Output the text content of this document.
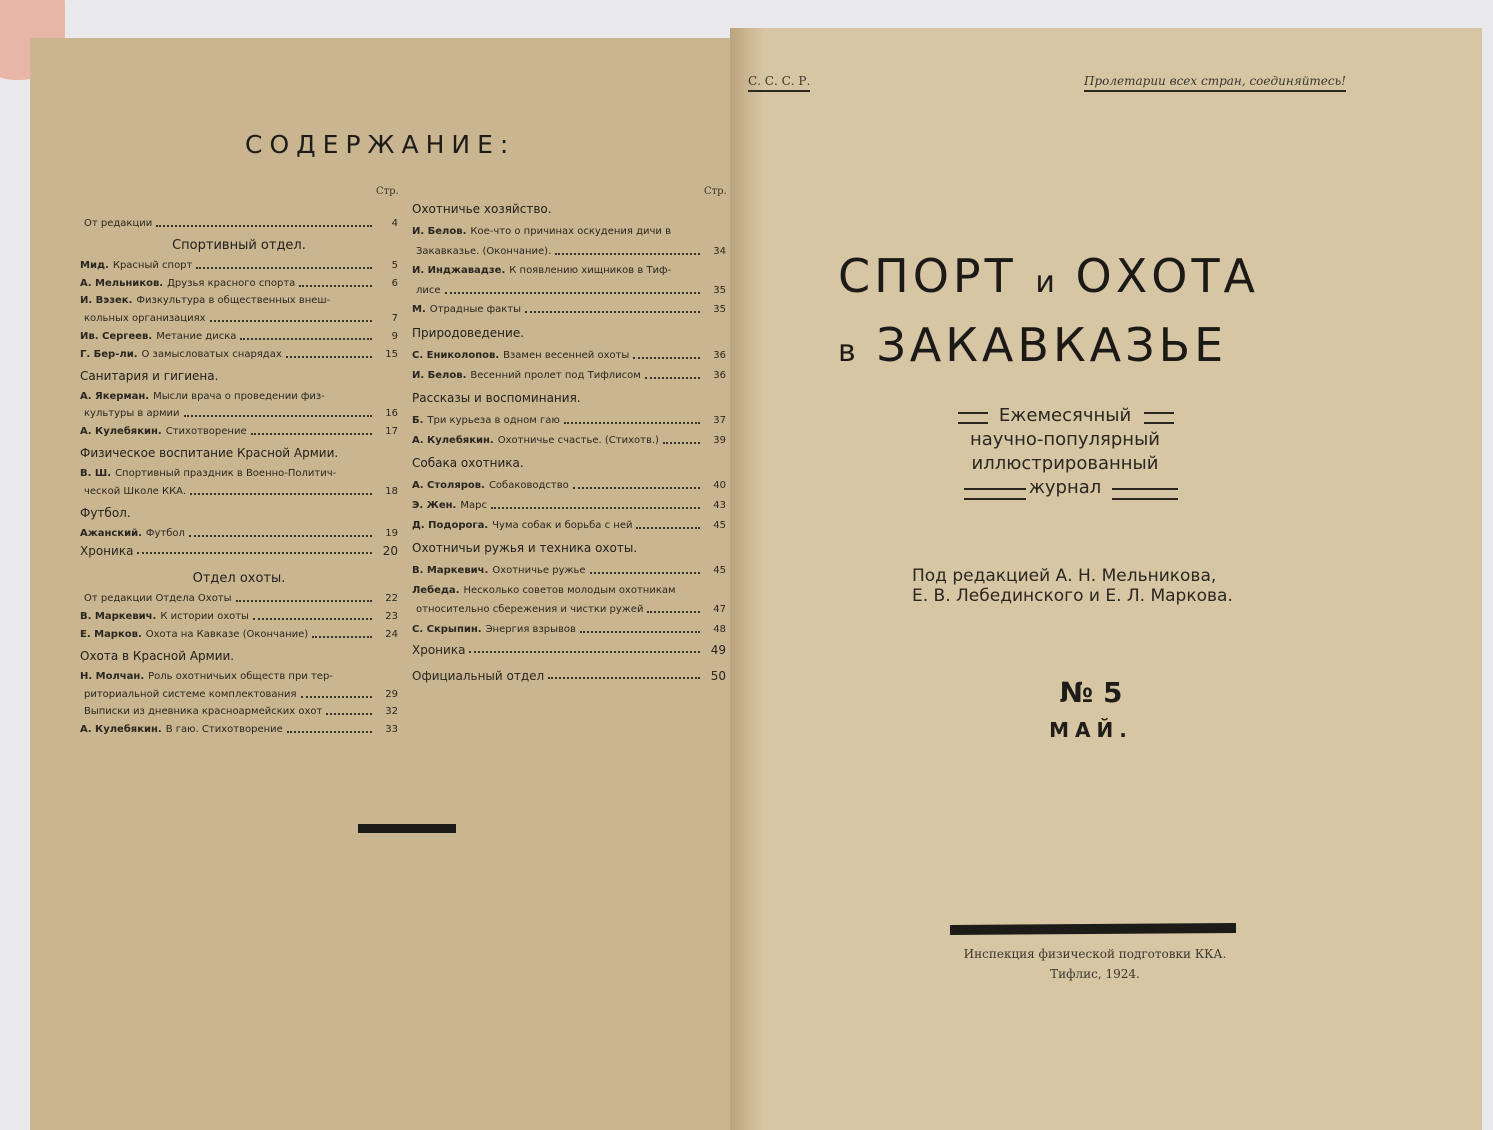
СОДЕРЖАНИЕ:
Стр.	Стр.
От редакции	4
Спортивный отдел.
Мид. Красный спорт	5
А. Мельников. Друзья красного спорта	6
И. Вэзек. Физкультура в общественных внеш-
кольных организациях	7
Ив. Сергеев. Метание диска	9
Г. Бер-ли. О замысловатых снарядах	15
Санитария и гигиена.
А. Якерман. Мысли врача о проведении физ-
культуры в армии	16
А. Кулебякин. Стихотворение	17
Физическое воспитание Красной Армии.
В. Ш. Спортивный праздник в Военно-Политич-
ческой Школе ККА.	18
Футбол.
Ажанский. Футбол	19
Хроника	20
Отдел охоты.
От редакции Отдела Охоты	22
В. Маркевич. К истории охоты	23
Е. Марков. Охота на Кавказе (Окончание)	24
Охота в Красной Армии.
Н. Молчан. Роль охотничьих обществ при тер-
риториальной системе комплектования	29
Выписки из дневника красноармейских охот	32
А. Кулебякин. В гаю. Стихотворение	33
Охотничье хозяйство.
И. Белов. Кое-что о причинах оскудения дичи в
Закавказье. (Окончание).	34
И. Инджавадзе. К появлению хищников в Тиф-
лисе	35
М. Отрадные факты	35
Природоведение.
С. Ениколопов. Взамен весенней охоты	36
И. Белов. Весенний пролет под Тифлисом	36
Рассказы и воспоминания.
Б. Три курьеза в одном гаю	37
А. Кулебякин. Охотничье счастье. (Стихотв.)	39
Собака охотника.
А. Столяров. Собаководство	40
Э. Жен. Марс	43
Д. Подорога. Чума собак и борьба с ней	45
Охотничьи ружья и техника охоты.
В. Маркевич. Охотничье ружье	45
Лебеда. Несколько советов молодым охотникам
относительно сбережения и чистки ружей	47
С. Скрыпин. Энергия взрывов	48
Хроника	49
Официальный отдел	50
С. С. С. Р.	Пролетарии всех стран, соединяйтесь!
СПОРТ и ОХОТА
в ЗАКАВКАЗЬЕ
Ежемесячный
научно-популярный
иллюстрированный
журнал
Под редакцией А. Н. Мельникова,
Е. В. Лебединского и Е. Л. Маркова.
№ 5
МАЙ.
Инспекция физической подготовки ККА.
Тифлис, 1924.
